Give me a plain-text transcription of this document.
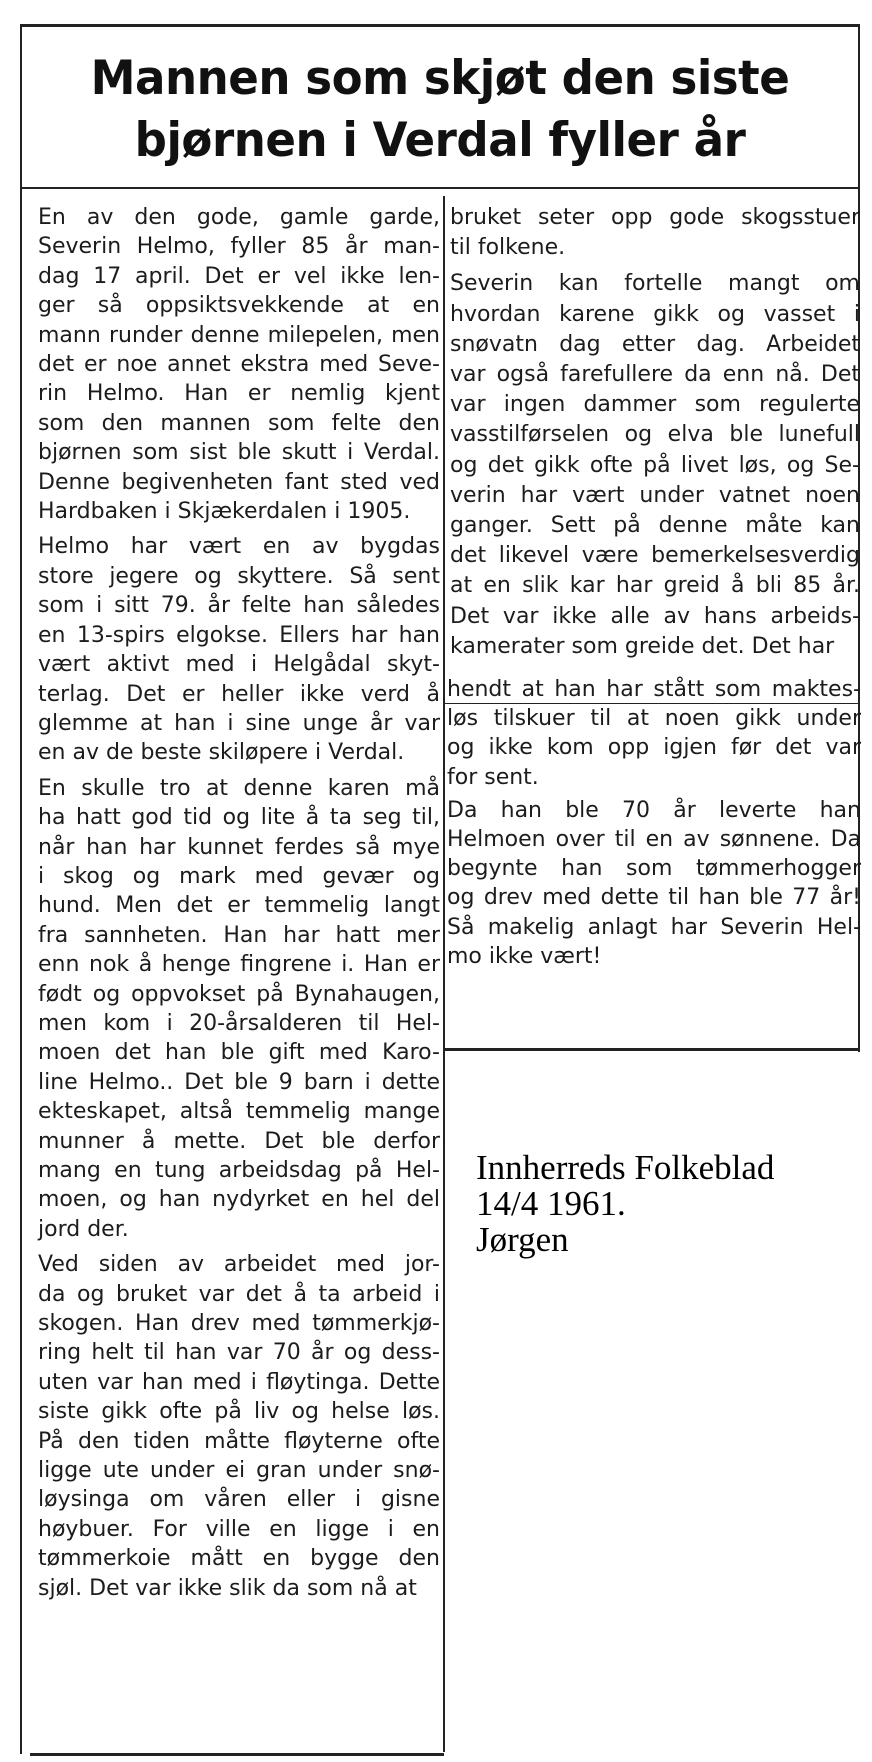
Mannen som skjøt den siste
bjørnen i Verdal fyller år

En av den gode, gamle garde,
Severin Helmo, fyller 85 år man-
dag 17 april. Det er vel ikke len-
ger så oppsiktsvekkende at en
mann runder denne milepelen, men
det er noe annet ekstra med Seve-
rin Helmo. Han er nemlig kjent
som den mannen som felte den
bjørnen som sist ble skutt i Verdal.
Denne begivenheten fant sted ved
Hardbaken i Skjækerdalen i 1905.

Helmo har vært en av bygdas
store jegere og skyttere. Så sent
som i sitt 79. år felte han således
en 13-spirs elgokse. Ellers har han
vært aktivt med i Helgådal skyt-
terlag. Det er heller ikke verd å
glemme at han i sine unge år var
en av de beste skiløpere i Verdal.

En skulle tro at denne karen må
ha hatt god tid og lite å ta seg til,
når han har kunnet ferdes så mye
i skog og mark med gevær og
hund. Men det er temmelig langt
fra sannheten. Han har hatt mer
enn nok å henge fingrene i. Han er
født og oppvokset på Bynahaugen,
men kom i 20-årsalderen til Hel-
moen det han ble gift med Karo-
line Helmo.. Det ble 9 barn i dette
ekteskapet, altså temmelig mange
munner å mette. Det ble derfor
mang en tung arbeidsdag på Hel-
moen, og han nydyrket en hel del
jord der.

Ved siden av arbeidet med jor-
da og bruket var det å ta arbeid i
skogen. Han drev med tømmerkjø-
ring helt til han var 70 år og dess-
uten var han med i fløytinga. Dette
siste gikk ofte på liv og helse løs.
På den tiden måtte fløyterne ofte
ligge ute under ei gran under snø-
løysinga om våren eller i gisne
høybuer. For ville en ligge i en
tømmerkoie mått en bygge den
sjøl. Det var ikke slik da som nå at

bruket seter opp gode skogsstuer
til folkene.

Severin kan fortelle mangt om
hvordan karene gikk og vasset i
snøvatn dag etter dag. Arbeidet
var også farefullere da enn nå. Det
var ingen dammer som regulerte
vasstilførselen og elva ble lunefull
og det gikk ofte på livet løs, og Se-
verin har vært under vatnet noen
ganger. Sett på denne måte kan
det likevel være bemerkelsesverdig
at en slik kar har greid å bli 85 år.
Det var ikke alle av hans arbeids-
kamerater som greide det. Det har

hendt at han har stått som maktes-
løs tilskuer til at noen gikk under
og ikke kom opp igjen før det var
for sent.

Da han ble 70 år leverte han
Helmoen over til en av sønnene. Da
begynte han som tømmerhogger
og drev med dette til han ble 77 år!
Så makelig anlagt har Severin Hel-
mo ikke vært!

Innherreds Folkeblad
14/4 1961.
Jørgen
